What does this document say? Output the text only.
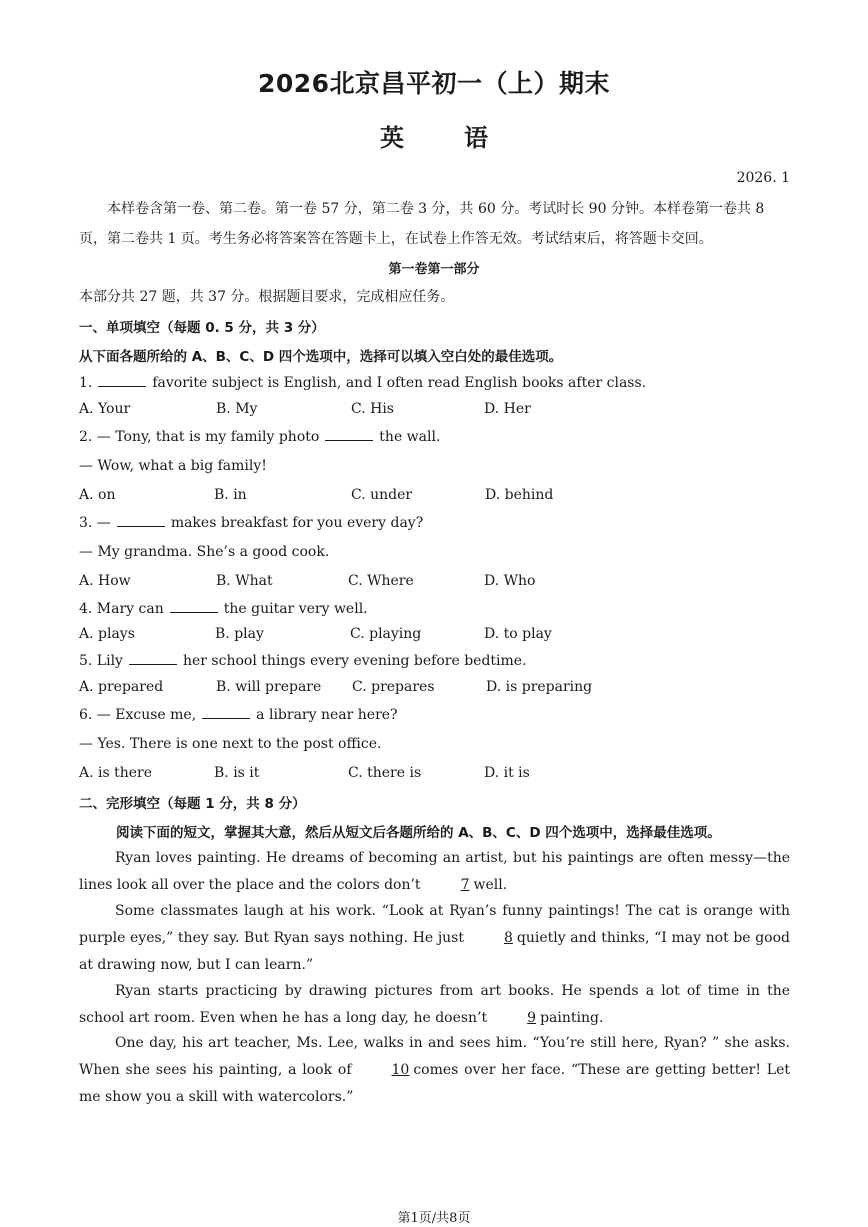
2026北京昌平初一（上）期末
英语
2026. 1
本样卷含第一卷、第二卷。第一卷 57 分，第二卷 3 分，共 60 分。考试时长 90 分钟。本样卷第一卷共 8 页，第二卷共 1 页。考生务必将答案答在答题卡上，在试卷上作答无效。考试结束后，将答题卡交回。
第一卷第一部分
本部分共 27 题，共 37 分。根据题目要求，完成相应任务。
一、单项填空（每题 0. 5 分，共 3 分）
从下面各题所给的 A、B、C、D 四个选项中，选择可以填入空白处的最佳选项。
1.	favorite subject is English, and I often read English books after class.
A. Your	B. My	C. His	D. Her
2. — Tony, that is my family photo	the wall.
— Wow, what a big family!
A. on	B. in	C. under	D. behind
3. —	makes breakfast for you every day?
— My grandma. She’s a good cook.
A. How	B. What	C. Where	D. Who
4. Mary can	the guitar very well.
A. plays	B. play	C. playing	D. to play
5. Lily	her school things every evening before bedtime.
A. prepared	B. will prepare C. prepares	D. is preparing
6. — Excuse me,	a library near here?
— Yes. There is one next to the post office.
A. is there	B. is it	C. there is	D. it is
二、完形填空（每题 1 分，共 8 分）
阅读下面的短文，掌握其大意，然后从短文后各题所给的 A、B、C、D 四个选项中，选择最佳选项。
Ryan loves painting. He dreams of becoming an artist, but his paintings are often messy—the lines look all over the place and the colors don’t	7 well.
Some classmates laugh at his work. “Look at Ryan’s funny paintings! The cat is orange with purple eyes,” they say. But Ryan says nothing. He just	8 quietly and thinks, “I may not be good at drawing now, but I can learn.”
Ryan starts practicing by drawing pictures from art books. He spends a lot of time in the school art room. Even when he has a long day, he doesn’t	9 painting.
One day, his art teacher, Ms. Lee, walks in and sees him. “You’re still here, Ryan? ” she asks. When she sees his painting, a look of	10 comes over her face. “These are getting better! Let me show you a skill with watercolors.”
第1页/共8页
